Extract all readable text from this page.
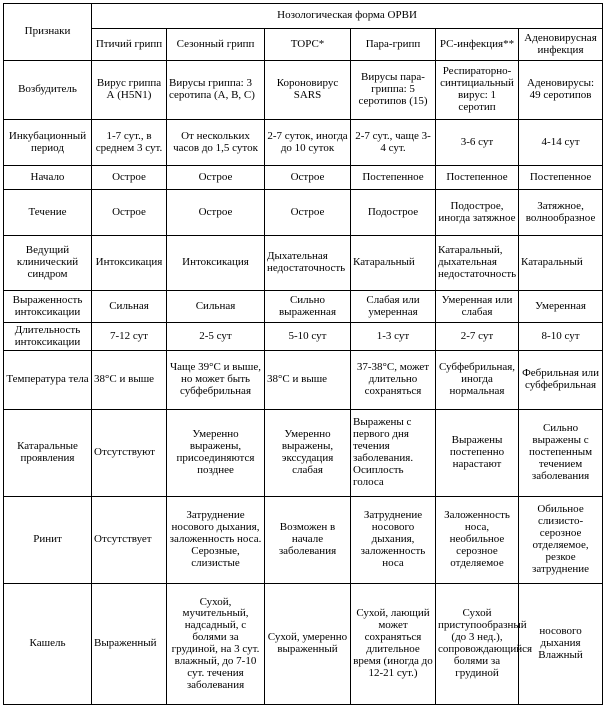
Признаки	Нозологическая форма ОРВИ					
	Птичий грипп	Сезонный грипп	ТОРС*	Пара-грипп	РС-инфекция**	Аденовирусная инфекция
Возбудитель	Вирус гриппа А (H5N1)	Вирусы гриппа: 3 серотипа (А, В, С)	Короновирус SARS	Вирусы пара-гриппа: 5 серотипов (15)	Респираторно-синтициальный вирус: 1 серотип	Аденовирусы: 49 серотипов
Инкубационный период	1-7 сут., в среднем 3 сут.	От нескольких часов до 1,5 суток	2-7 суток, иногда до 10 суток	2-7 сут., чаще 3- 4 сут.	3-6 сут	4-14 сут
Начало	Острое	Острое	Острое	Постепенное	Постепенное	Постепенное
Течение	Острое	Острое	Острое	Подострое	Подострое, иногда затяжное	Затяжное, волнообразное
Ведущий клинический синдром	Интоксикация	Интоксикация	Дыхательная недостаточность	Катаральный	Катаральный, дыхательная недостаточность	Катаральный
Выраженность интоксикации	Сильная	Сильная	Сильно выраженная	Слабая или умеренная	Умеренная или слабая	Умеренная
Длительность интоксикации	7-12 сут	2-5 сут	5-10 сут	1-3 сут	2-7 сут	8-10 сут
Температура тела	38°С и выше	Чаще 39°С и выше, но может быть субфебрильная	38°С и выше	37-38°С, может длительно сохраняться	Субфебрильная, иногда нормальная	Фебрильная или субфебрильная
Катаральные проявления	Отсутствуют	Умеренно выражены, присоединяются позднее	Умеренно выражены, экссудация слабая	Выражены с первого дня течения заболевания. Осиплость голоса	Выражены постепенно нарастают	Сильно выражены с постепенным течением заболевания
Ринит	Отсутствует	Затруднение носового дыхания, заложенность носа. Серозные, слизистые	Возможен в начале заболевания	Затруднение носового дыхания, заложенность носа	Заложенность носа, необильное серозное отделяемое	Обильное слизисто-серозное отделяемое, резкое затруднение
Кашель	Выраженный	Сухой, мучительный, надсадный, с болями за грудиной, на 3 сут. влажный, до 7-10 сут. течения заболевания	Сухой, умеренно выраженный	Сухой, лающий может сохраняться длительное время (иногда до 12-21 сут.)	Сухой приступообразный (до 3 нед.), сопровождающийся болями за грудиной	носового дыхания Влажный
